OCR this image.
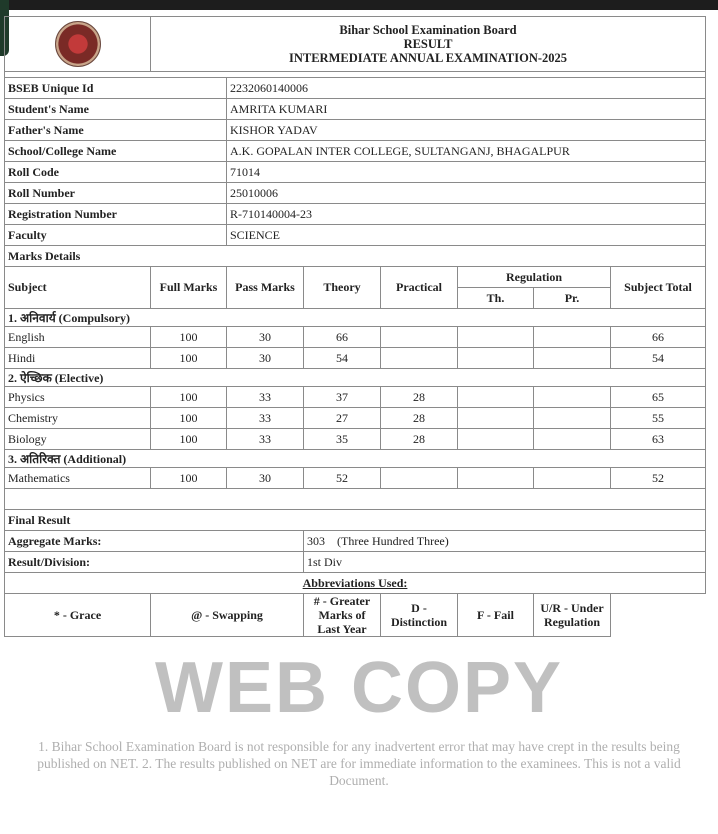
	Bihar School Examination Board
RESULT
INTERMEDIATE ANNUAL EXAMINATION-2025						

BSEB Unique Id		2232060140006					
Student's Name		AMRITA KUMARI					
Father's Name		KISHOR YADAV					
School/College Name		A.K. GOPALAN INTER COLLEGE, SULTANGANJ, BHAGALPUR					
Roll Code		71014					
Roll Number		25010006					
Registration Number		R-710140004-23					
Faculty		SCIENCE					
Marks Details							
Subject	Full Marks	Pass Marks	Theory	Practical	Regulation		Subject Total
					Th.	Pr.	
1. अनिवार्य (Compulsory)							
English	100	30	66				66
Hindi	100	30	54				54
2. ऐच्छिक (Elective)							
Physics	100	33	37	28			65
Chemistry	100	33	27	28			55
Biology	100	33	35	28			63
3. अतिरिक्त (Additional)							
Mathematics	100	30	52				52

Final Result							
Aggregate Marks:			303    (Three Hundred Three)				
Result/Division:			1st Div				
Abbreviations Used:							
* - Grace	@ - Swapping		# - Greater Marks of Last Year	D - Distinction	F - Fail	U/R - Under Regulation	
WEB COPY
1. Bihar School Examination Board is not responsible for any inadvertent error that may have crept in the results being published on NET. 2. The results published on NET are for immediate information to the examinees. This is not a valid Document.
